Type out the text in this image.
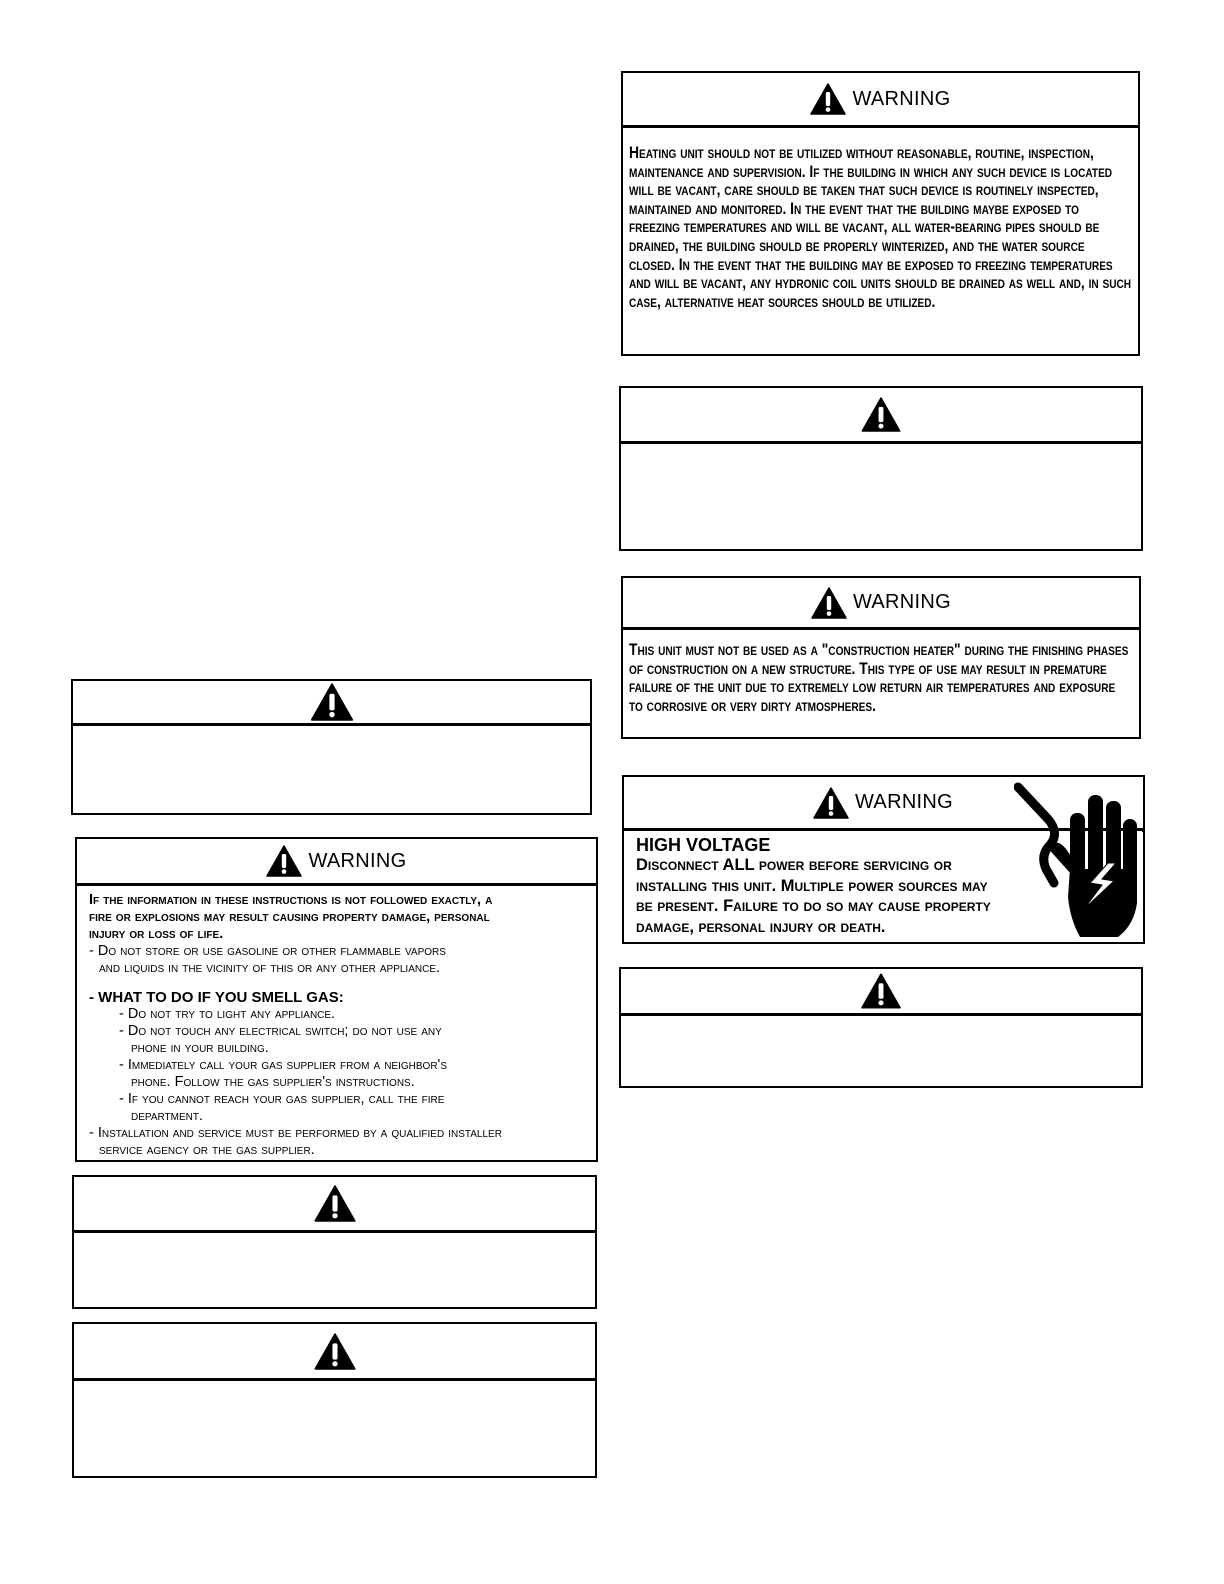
WARNING
Heating unit should not be utilized without reasonable, routine, inspection, maintenance and supervision. If the building in which any such device is located will be vacant, care should be taken that such device is routinely inspected, maintained and monitored. In the event that the building maybe exposed to freezing temperatures and will be vacant, all water-bearing pipes should be drained, the building should be properly winterized, and the water source closed. In the event that the building may be exposed to freezing temperatures and will be vacant, any hydronic coil units should be drained as well and, in such case, alternative heat sources should be utilized.
WARNING
This unit must not be used as a "construction heater" during the finishing phases of construction on a new structure. This type of use may result in premature failure of the unit due to extremely low return air temperatures and exposure to corrosive or very dirty atmospheres.
WARNING
HIGH VOLTAGE
Disconnect ALL power before servicing or
installing this unit. Multiple power sources may
be present. Failure to do so may cause property
damage, personal injury or death.
WARNING
If the information in these instructions is not followed exactly, a
fire or explosions may result causing property damage, personal
injury or loss of life.
- Do not store or use gasoline or other flammable vapors
and liquids in the vicinity of this or any other appliance.
- WHAT TO DO IF YOU SMELL GAS:
- Do not try to light any appliance.
- Do not touch any electrical switch; do not use any
phone in your building.
- Immediately call your gas supplier from a neighbor's
phone. Follow the gas supplier's instructions.
- If you cannot reach your gas supplier, call the fire
department.
- Installation and service must be performed by a qualified installer
service agency or the gas supplier.
